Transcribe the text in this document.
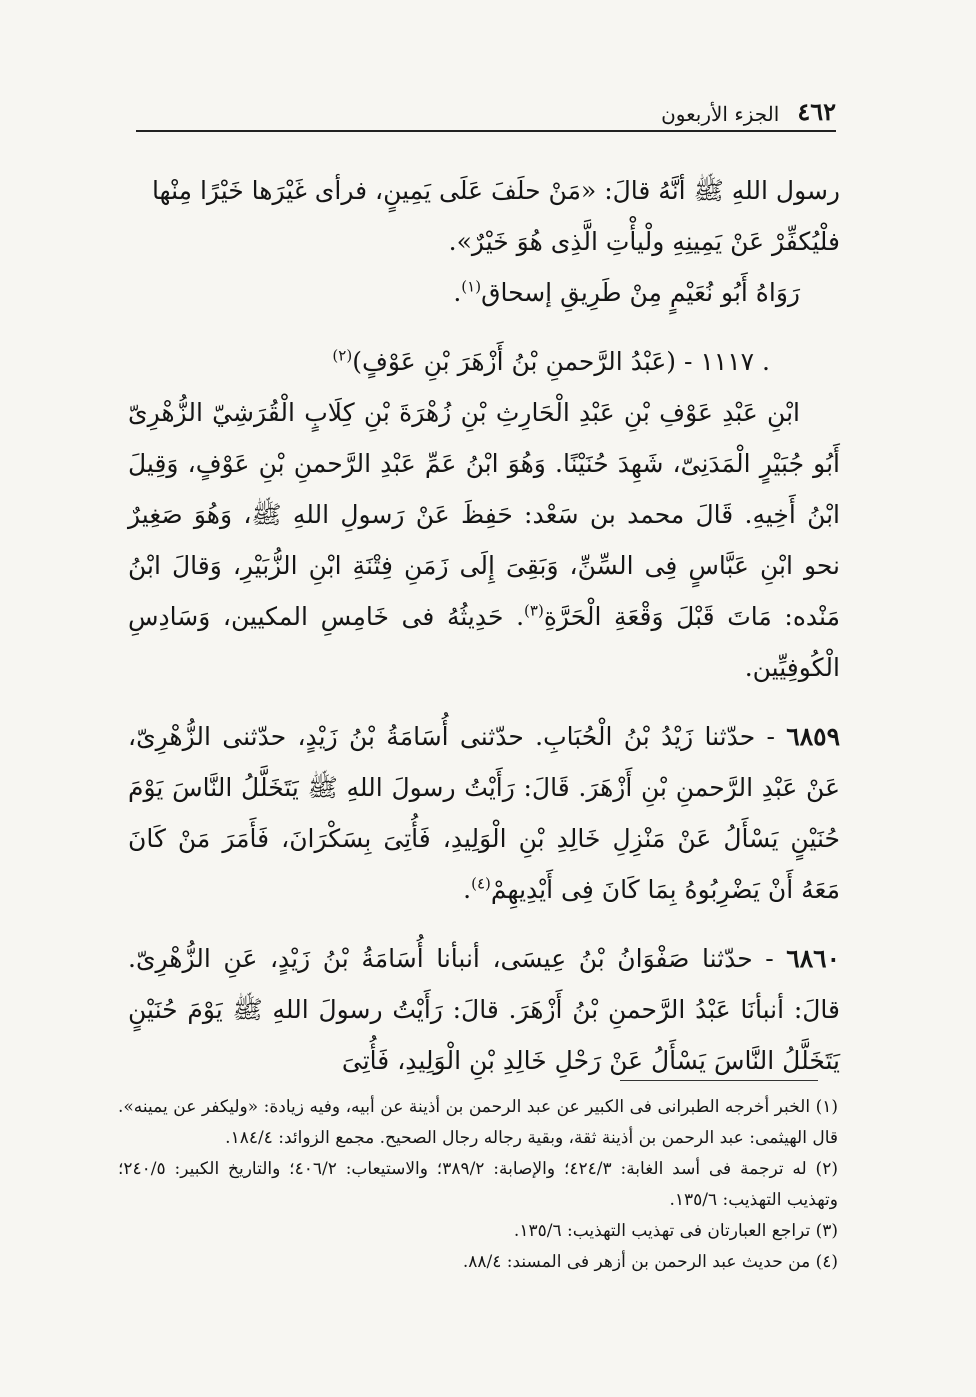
٤٦٢
الجزء الأربعون

رسول اللهِ ﷺ أنَّهُ قالَ: «مَنْ حلَفَ عَلَى يَمِينٍ، فرأى غَيْرَها خَيْرًا مِنْها

فلْيُكفِّرْ عَنْ يَمِينِهِ ولْيأْتِ الَّذِى هُوَ خَيْرٌ».

رَوَاهُ أَبُو نُعَيْمٍ مِنْ طَرِيقِ إسحاق$^{(١)}$.

. ١١١٧ - (عَبْدُ الرَّحمنِ بْنُ أَزْهَرَ بْنِ عَوْفٍ)$^{(٢)}$

ابْنِ عَبْدِ عَوْفِ بْنِ عَبْدِ الْحَارِثِ بْنِ زُهْرَةَ بْنِ كِلَابٍ الْقُرَشِيّ الزُّهْرِىّ أَبُو جُبَيْرٍ الْمَدَنِىّ، شَهِدَ حُنَيْنًا. وَهُوَ ابْنُ عَمِّ عَبْدِ الرَّحمنِ بْنِ عَوْفٍ، وَقِيلَ ابْنُ أَخِيهِ. قَالَ محمد بن سَعْد: حَفِظَ عَنْ رَسولِ اللهِ ﷺ، وَهُوَ صَغِيرٌ نحو ابْنِ عَبَّاسٍ فِى السِّنِّ، وَبَقِىَ إِلَى زَمَنِ فِتْنَةِ ابْنِ الزُّبَيْرِ، وَقالَ ابْنُ مَنْده: مَاتَ قَبْلَ وَقْعَةِ الْحَرَّةِ$^{(٣)}$. حَدِيثُهُ فى خَامِسِ المكيين، وَسَادِسِ الْكُوفِيِّين.

٦٨٥٩ - حدّثنا زَيْدُ بْنُ الْحُبَابِ. حدّثنى أُسَامَةُ بْنُ زَيْدٍ، حدّثنى الزُّهْرِىّ، عَنْ عَبْدِ الرَّحمنِ بْنِ أَزْهَرَ. قَالَ: رَأَيْتُ رسولَ اللهِ ﷺ يَتَخَلَّلُ النَّاسَ يَوْمَ حُنَيْنٍ يَسْأَلُ عَنْ مَنْزِلِ خَالِدِ بْنِ الْوَلِيدِ، فَأُتِىَ بِسَكْرَانَ، فَأَمَرَ مَنْ كَانَ مَعَهُ أَنْ يَضْرِبُوهُ بِمَا كَانَ فِى أَيْدِيهِمْ$^{(٤)}$.

٦٨٦٠ - حدّثنا صَفْوَانُ بْنُ عِيسَى، أنبأنا أُسَامَةُ بْنُ زَيْدٍ، عَنِ الزُّهْرِىّ. قالَ: أنبأنَا عَبْدُ الرَّحمنِ بْنُ أَزْهَرَ. قالَ: رَأَيْتُ رسولَ اللهِ ﷺ يَوْمَ حُنَيْنٍ يَتَخَلَّلُ النَّاسَ يَسْأَلُ عَنْ رَحْلِ خَالِدِ بْنِ الْوَلِيدِ، فَأُتِىَ

(١) الخبر أخرجه الطبرانى فى الكبير عن عبد الرحمن بن أذينة عن أبيه، وفيه زيادة: «وليكفر عن يمينه». قال الهيثمى: عبد الرحمن بن أذينة ثقة، وبقية رجاله رجال الصحيح. مجمع الزوائد: ١٨٤/٤.

(٢) له ترجمة فى أسد الغابة: ٤٢٤/٣؛ والإصابة: ٣٨٩/٢؛ والاستيعاب: ٤٠٦/٢؛ والتاريخ الكبير: ٢٤٠/٥؛ وتهذيب التهذيب: ١٣٥/٦.

(٣) تراجع العبارتان فى تهذيب التهذيب: ١٣٥/٦.

(٤) من حديث عبد الرحمن بن أزهر فى المسند: ٨٨/٤.
